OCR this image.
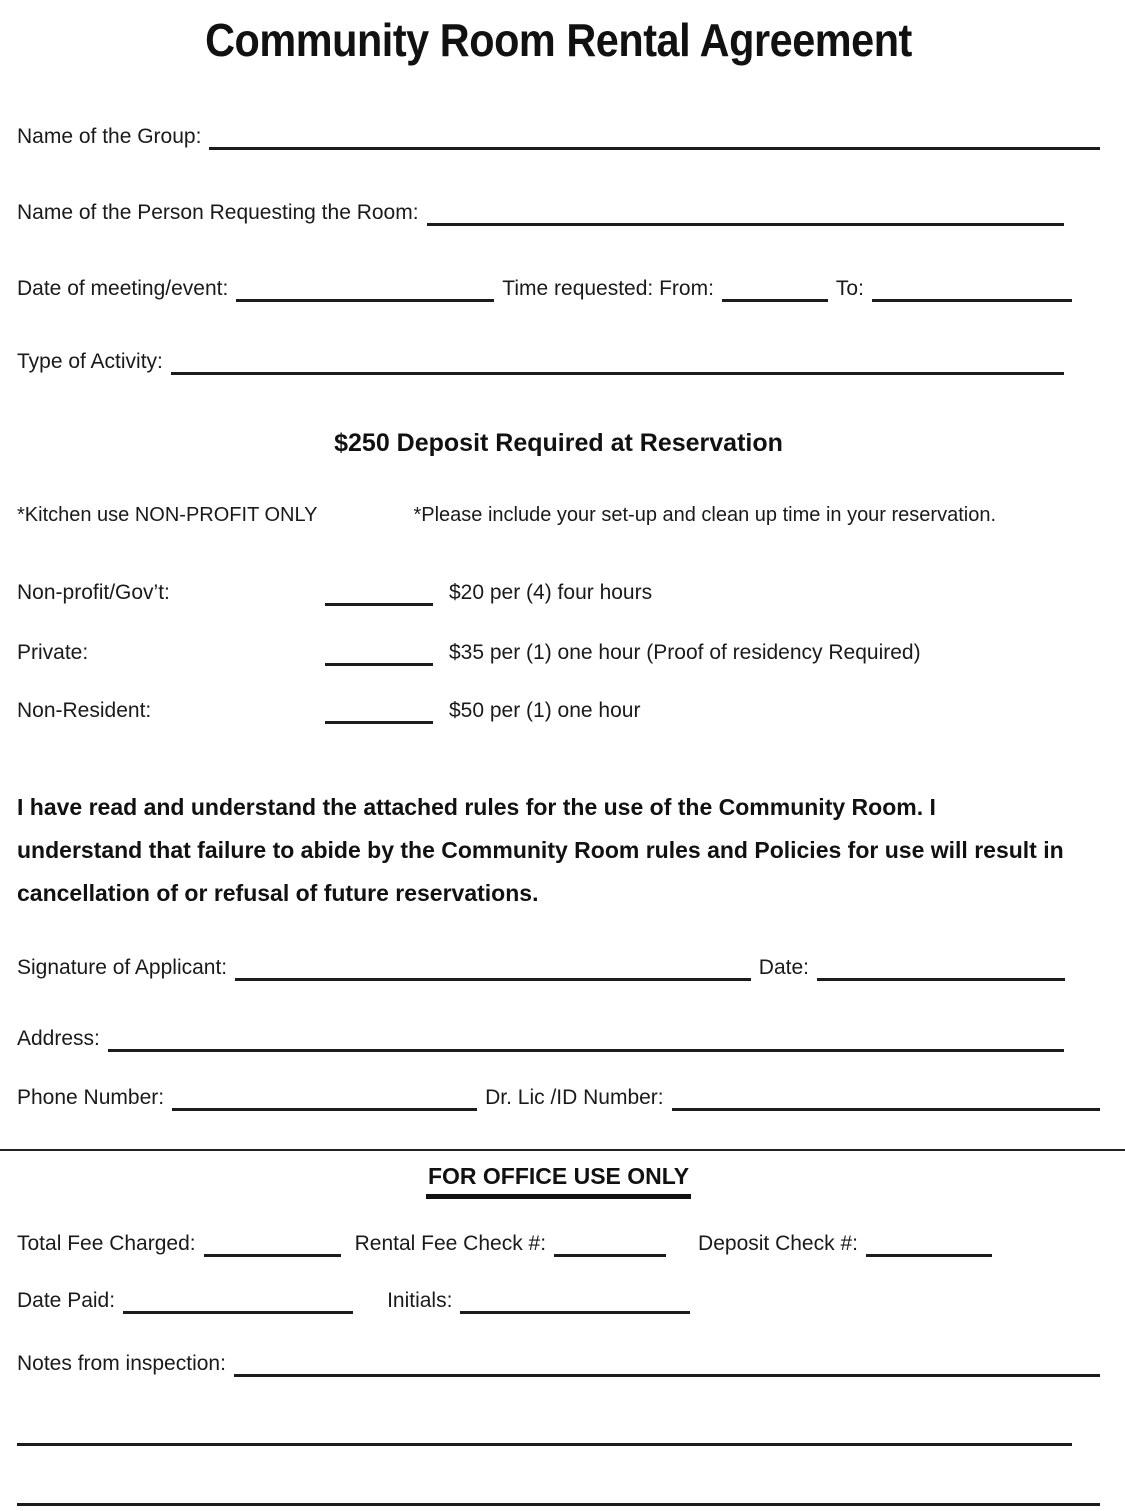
Community Room Rental Agreement
Name of the Group:
Name of the Person Requesting the Room:
Date of meeting/event:	Time requested: From:	To:
Type of Activity:
$250 Deposit Required at Reservation
*Kitchen use NON-PROFIT ONLY	*Please include your set-up and clean up time in your reservation.
Non-profit/Gov’t:	$20 per (4) four hours
Private:	$35 per (1) one hour (Proof of residency Required)
Non-Resident:	$50 per (1) one hour

I have read and understand the attached rules for the use of the Community Room. I understand that failure to abide by the Community Room rules and Policies for use will result in cancellation of or refusal of future reservations.

Signature of Applicant:	Date:
Address:
Phone Number:	Dr. Lic /ID Number:
FOR OFFICE USE ONLY
Total Fee Charged:	Rental Fee Check #:	Deposit Check #:
Date Paid:	Initials:
Notes from inspection:
